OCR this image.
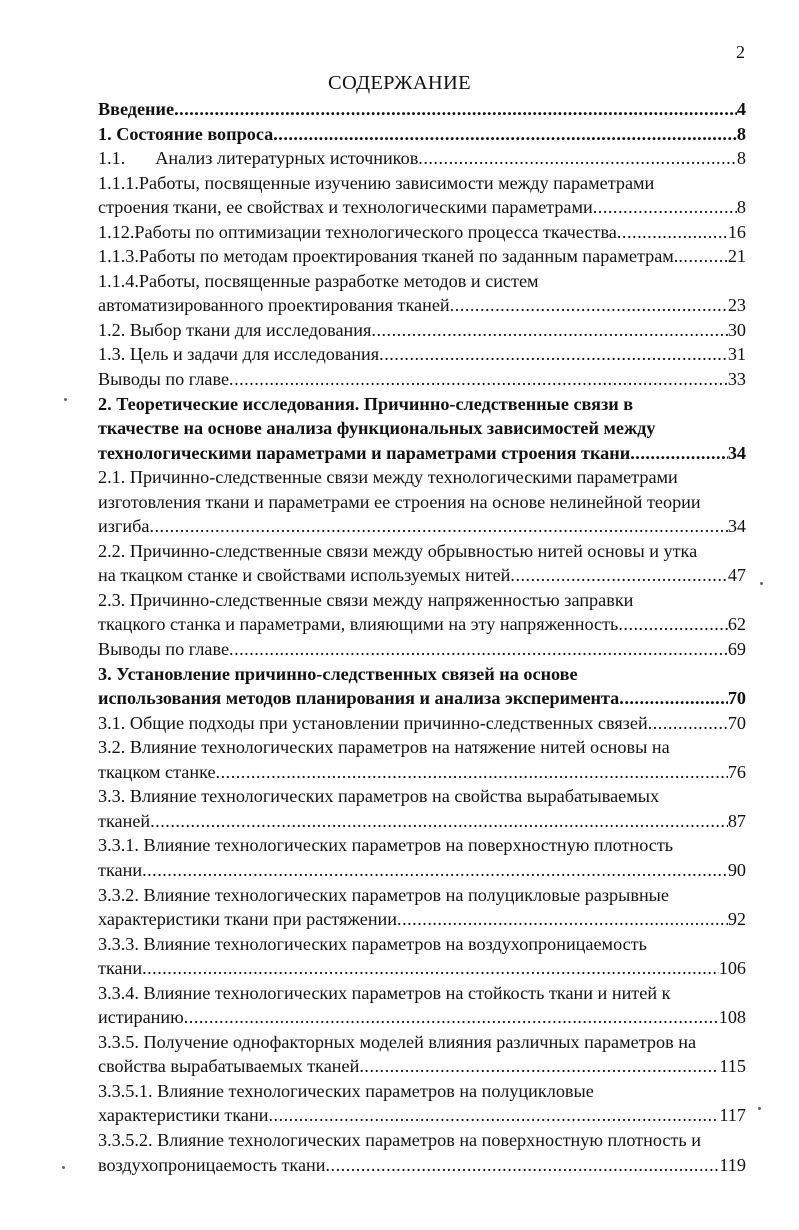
2
СОДЕРЖАНИЕ
Введение .....	4
1. Состояние вопроса .....	8
1.1. Анализ литературных источников .....	8
1.1.1.Работы, посвященные изучению зависимости между параметрами
строения ткани, ее свойствах и технологическими параметрами .....	8
1.12.Работы по оптимизации технологического процесса ткачества .....	16
1.1.3.Работы по методам проектирования тканей по заданным параметрам. .....	21
1.1.4.Работы, посвященные разработке методов и систем
автоматизированного проектирования тканей .....	23
1.2. Выбор ткани для исследования .....	30
1.3. Цель и задачи для исследования .....	31
Выводы по главе .....	33
2. Теоретические исследования. Причинно-следственные связи в
ткачестве на основе анализа функциональных зависимостей между
технологическими параметрами и параметрами строения ткани .....	34
2.1. Причинно-следственные связи между технологическими параметрами
изготовления ткани и параметрами ее строения на основе нелинейной теории
изгиба .....	34
2.2. Причинно-следственные связи между обрывностью нитей основы и утка
на ткацком станке и свойствами используемых нитей .....	47
2.3. Причинно-следственные связи между напряженностью заправки
ткацкого станка и параметрами, влияющими на эту напряженность .....	62
Выводы по главе .....	69
3. Установление причинно-следственных связей на основе
использования методов планирования и анализа эксперимента .....	70
3.1. Общие подходы при установлении причинно-следственных связей .....	70
3.2. Влияние технологических параметров на натяжение нитей основы на
ткацком станке .....	76
3.3. Влияние технологических параметров на свойства вырабатываемых
тканей .....	87
3.3.1. Влияние технологических параметров на поверхностную плотность
ткани .....	90
3.3.2. Влияние технологических параметров на полуцикловые разрывные
характеристики ткани при растяжении .....	92
3.3.3. Влияние технологических параметров на воздухопроницаемость
ткани .....	106
3.3.4. Влияние технологических параметров на стойкость ткани и нитей к
истиранию .....	108
3.3.5. Получение однофакторных моделей влияния различных параметров на
свойства вырабатываемых тканей .....	115
3.3.5.1. Влияние технологических параметров на полуцикловые
характеристики ткани .....	117
3.3.5.2. Влияние технологических параметров на поверхностную плотность и
воздухопроницаемость ткани .....	119
